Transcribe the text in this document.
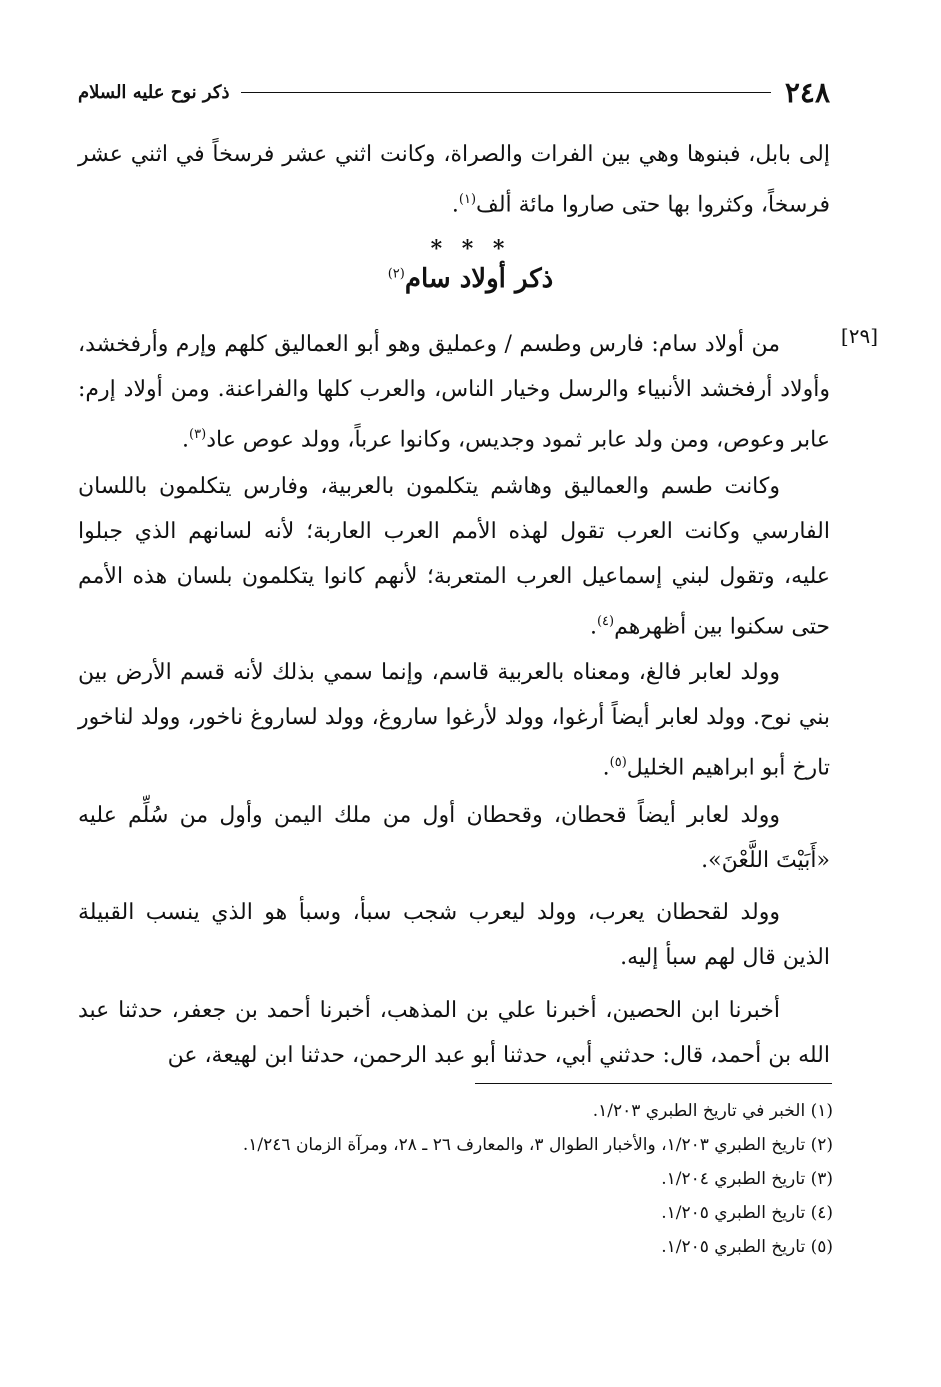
٢٤٨
ذكر نوح عليه السلام
إلى بابل، فبنوها وهي بين الفرات والصراة، وكانت اثني عشر فرسخاً في اثني عشر فرسخاً، وكثروا بها حتى صاروا مائة ألف$^{(١)}$.
* * *
ذكر أولاد سام$^{(٢)}$
[٢٩]
من أولاد سام: فارس وطسم / وعمليق وهو أبو العماليق كلهم وإرم وأرفخشد، وأولاد أرفخشد الأنبياء والرسل وخيار الناس، والعرب كلها والفراعنة. ومن أولاد إرم: عابر وعوص، ومن ولد عابر ثمود وجديس، وكانوا عرباً، وولد عوص عاد$^{(٣)}$.
وكانت طسم والعماليق وهاشم يتكلمون بالعربية، وفارس يتكلمون باللسان الفارسي وكانت العرب تقول لهذه الأمم العرب العاربة؛ لأنه لسانهم الذي جبلوا عليه، وتقول لبني إسماعيل العرب المتعربة؛ لأنهم كانوا يتكلمون بلسان هذه الأمم حتى سكنوا بين أظهرهم$^{(٤)}$.
وولد لعابر فالغ، ومعناه بالعربية قاسم، وإنما سمي بذلك لأنه قسم الأرض بين بني نوح. وولد لعابر أيضاً أرغوا، وولد لأرغوا ساروغ، وولد لساروغ ناخور، وولد لناخور تارخ أبو ابراهيم الخليل$^{(٥)}$.
وولد لعابر أيضاً قحطان، وقحطان أول من ملك اليمن وأول من سُلِّم عليه «أَبَيْتَ اللَّعْنَ».
وولد لقحطان يعرب، وولد ليعرب شجب سبأ، وسبأ هو الذي ينسب القبيلة الذين قال لهم سبأ إليه.
أخبرنا ابن الحصين، أخبرنا علي بن المذهب، أخبرنا أحمد بن جعفر، حدثنا عبد الله بن أحمد، قال: حدثني أبي، حدثنا أبو عبد الرحمن، حدثنا ابن لهيعة، عن
(١) الخبر في تاريخ الطبري ١/٢٠٣.
(٢) تاريخ الطبري ١/٢٠٣، والأخبار الطوال ٣، والمعارف ٢٦ ـ ٢٨، ومرآة الزمان ١/٢٤٦.
(٣) تاريخ الطبري ١/٢٠٤.
(٤) تاريخ الطبري ١/٢٠٥.
(٥) تاريخ الطبري ١/٢٠٥.
